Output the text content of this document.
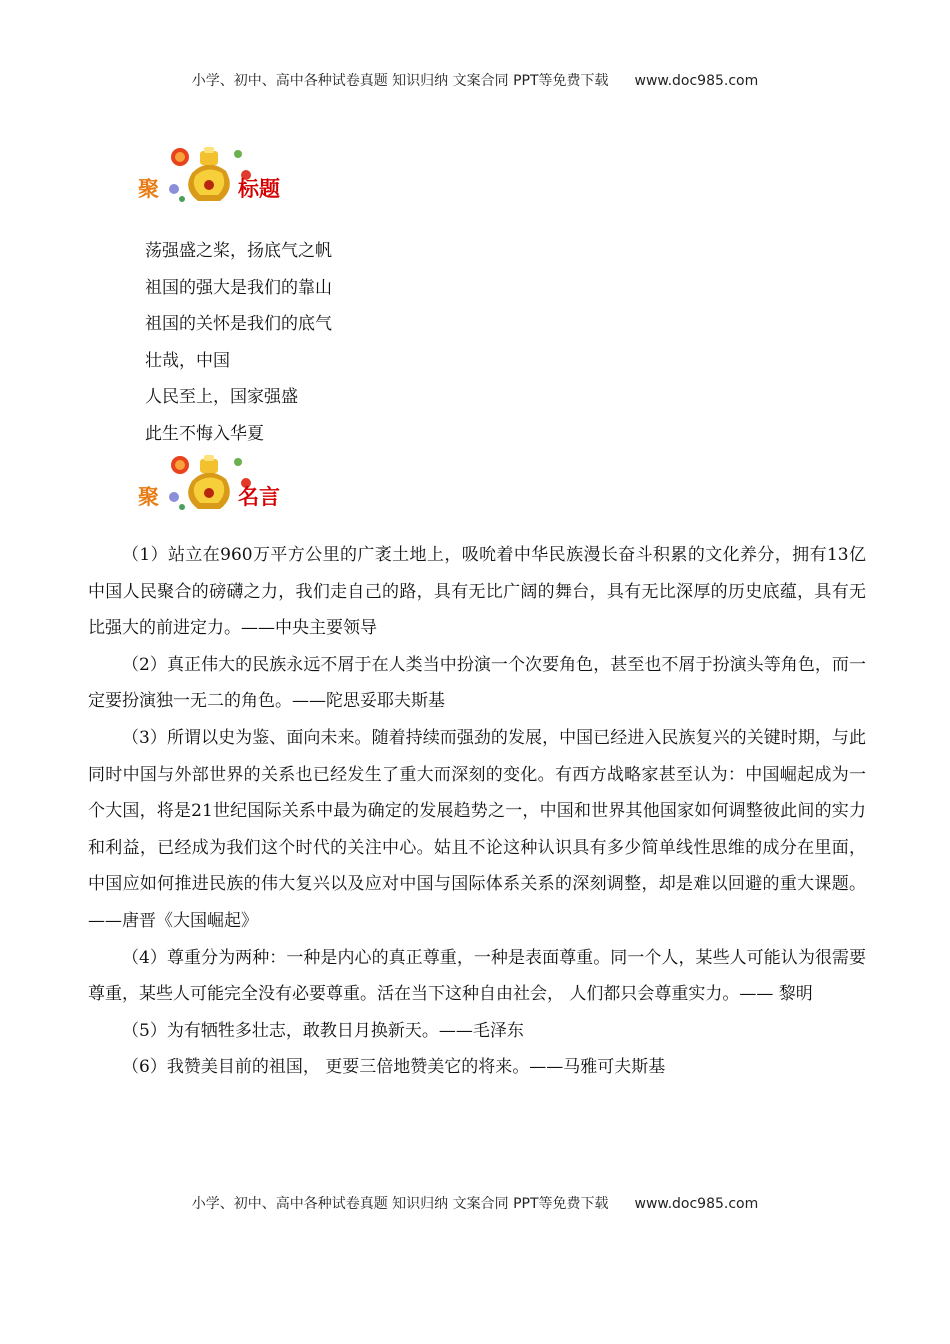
小学、初中、高中各种试卷真题 知识归纳 文案合同 PPT等免费下载 www.doc985.com
聚	标题
荡强盛之桨，扬底气之帆
祖国的强大是我们的靠山
祖国的关怀是我们的底气
壮哉，中国
人民至上，国家强盛
此生不悔入华夏
聚	名言

（1）站立在960万平方公里的广袤土地上，吸吮着中华民族漫长奋斗积累的文化养分，拥有13亿中国人民聚合的磅礴之力，我们走自己的路，具有无比广阔的舞台，具有无比深厚的历史底蕴，具有无比强大的前进定力。——中央主要领导

（2）真正伟大的民族永远不屑于在人类当中扮演一个次要角色，甚至也不屑于扮演头等角色，而一定要扮演独一无二的角色。——陀思妥耶夫斯基

（3）所谓以史为鉴、面向未来。随着持续而强劲的发展，中国已经进入民族复兴的关键时期，与此同时中国与外部世界的关系也已经发生了重大而深刻的变化。有西方战略家甚至认为：中国崛起成为一个大国，将是21世纪国际关系中最为确定的发展趋势之一，中国和世界其他国家如何调整彼此间的实力和利益，已经成为我们这个时代的关注中心。姑且不论这种认识具有多少简单线性思维的成分在里面，中国应如何推进民族的伟大复兴以及应对中国与国际体系关系的深刻调整，却是难以回避的重大课题。——唐晋《大国崛起》

（4）尊重分为两种：一种是内心的真正尊重，一种是表面尊重。同一个人，某些人可能认为很需要尊重，某些人可能完全没有必要尊重。活在当下这种自由社会， 人们都只会尊重实力。—— 黎明

（5）为有牺牲多壮志，敢教日月换新天。——毛泽东

（6）我赞美目前的祖国， 更要三倍地赞美它的将来。——马雅可夫斯基

小学、初中、高中各种试卷真题 知识归纳 文案合同 PPT等免费下载 www.doc985.com
